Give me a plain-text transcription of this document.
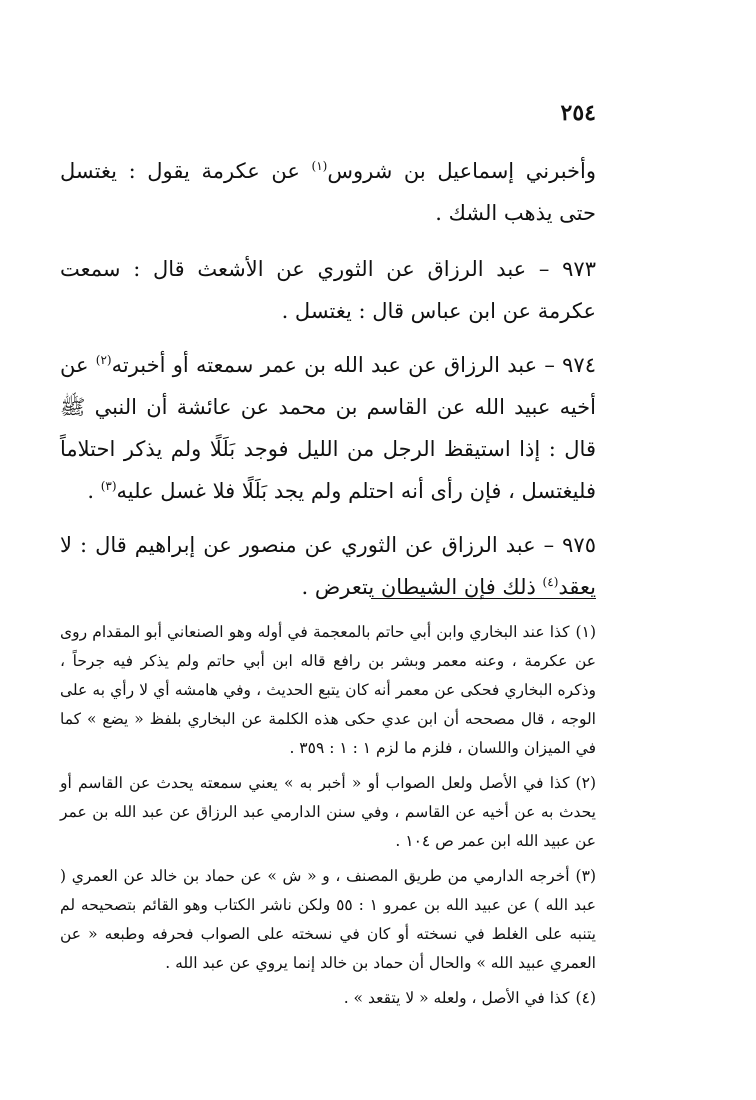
٢٥٤

وأخبرني إسماعيل بن شروس$^{(١)}$ عن عكرمة يقول : يغتسل حتى يذهب الشك .

٩٧٣ – عبد الرزاق عن الثوري عن الأشعث قال : سمعت عكرمة عن ابن عباس قال : يغتسل .

٩٧٤ – عبد الرزاق عن عبد الله بن عمر سمعته أو أخبرته$^{(٢)}$ عن أخيه عبيد الله عن القاسم بن محمد عن عائشة أن النبي ﷺ قال : إذا استيقظ الرجل من الليل فوجد بَلَلًا ولم يذكر احتلاماً فليغتسل ، فإن رأى أنه احتلم ولم يجد بَلَلًا فلا غسل عليه$^{(٣)}$ .

٩٧٥ – عبد الرزاق عن الثوري عن منصور عن إبراهيم قال : لا يعقد$^{(٤)}$ ذلك فإن الشيطان يتعرض .

(١)كذا عند البخاري وابن أبي حاتم بالمعجمة في أوله وهو الصنعاني أبو المقدام روى عن عكرمة ، وعنه معمر وبشر بن رافع قاله ابن أبي حاتم ولم يذكر فيه جرحاً ، وذكره البخاري فحكى عن معمر أنه كان يتبع الحديث ، وفي هامشه أي لا رأي به على الوجه ، قال مصححه أن ابن عدي حكى هذه الكلمة عن البخاري بلفظ « يضع » كما في الميزان واللسان ، فلزم ما لزم ١ : ١ : ٣٥٩ .

(٢)كذا في الأصل ولعل الصواب أو « أخبر به » يعني سمعته يحدث عن القاسم أو يحدث به عن أخيه عن القاسم ، وفي سنن الدارمي عبد الرزاق عن عبد الله بن عمر عن عبيد الله ابن عمر ص ١٠٤ .

(٣)أخرجه الدارمي من طريق المصنف ، و « ش » عن حماد بن خالد عن العمري ( عبد الله ) عن عبيد الله بن عمرو ١ : ٥٥ ولكن ناشر الكتاب وهو القائم بتصحيحه لم يتنبه على الغلط في نسخته أو كان في نسخته على الصواب فحرفه وطبعه « عن العمري عبيد الله » والحال أن حماد بن خالد إنما يروي عن عبد الله .

(٤)كذا في الأصل ، ولعله « لا يتقعد » .
